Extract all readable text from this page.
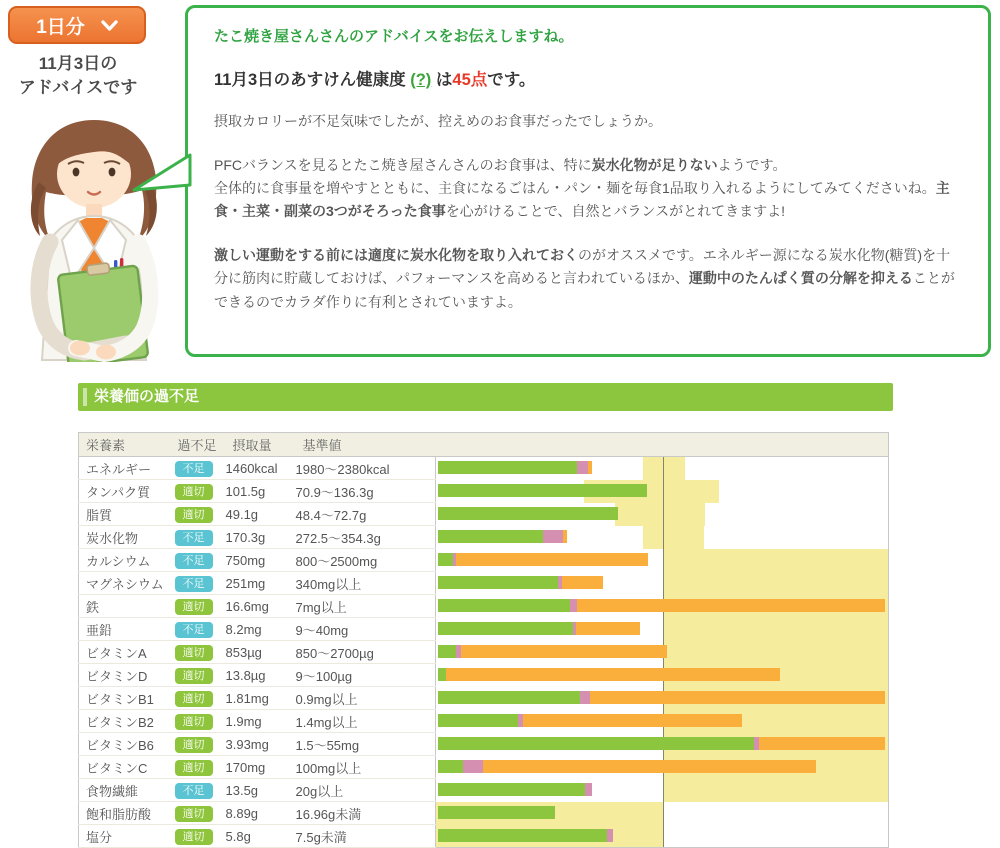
1日分
11月3日の
アドバイスです

たこ焼き屋さんさんのアドバイスをお伝えしますね。

11月3日のあすけん健康度 (?) は45点です。

摂取カロリーが不足気味でしたが、控えめのお食事だったでしょうか。

PFCバランスを見るとたこ焼き屋さんさんのお食事は、特に炭水化物が足りないようです。
全体的に食事量を増やすとともに、主食になるごはん・パン・麺を毎食1品取り入れるようにしてみてくださいね。主食・主菜・副菜の3つがそろった食事を心がけることで、自然とバランスがとれてきますよ!

激しい運動をする前には適度に炭水化物を取り入れておくのがオススメです。エネルギー源になる炭水化物(糖質)を十分に筋肉に貯蔵しておけば、パフォーマンスを高めると言われているほか、運動中のたんぱく質の分解を抑えることができるのでカラダ作りに有利とされていますよ。

栄養価の過不足
栄養素	過不足	摂取量	基準値	
エネルギー	不足	1460kcal	1980〜2380kcal	

タンパク質	適切	101.5g	70.9〜136.3g	

脂質	適切	49.1g	48.4〜72.7g	

炭水化物	不足	170.3g	272.5〜354.3g	

カルシウム	不足	750mg	800〜2500mg	

マグネシウム	不足	251mg	340mg以上	

鉄	適切	16.6mg	7mg以上	

亜鉛	不足	8.2mg	9〜40mg	

ビタミンA	適切	853µg	850〜2700µg	

ビタミンD	適切	13.8µg	9〜100µg	

ビタミンB1	適切	1.81mg	0.9mg以上	

ビタミンB2	適切	1.9mg	1.4mg以上	

ビタミンB6	適切	3.93mg	1.5〜55mg	

ビタミンC	適切	170mg	100mg以上	

食物繊維	不足	13.5g	20g以上	

飽和脂肪酸	適切	8.89g	16.96g未満	

塩分	適切	5.8g	7.5g未満	
